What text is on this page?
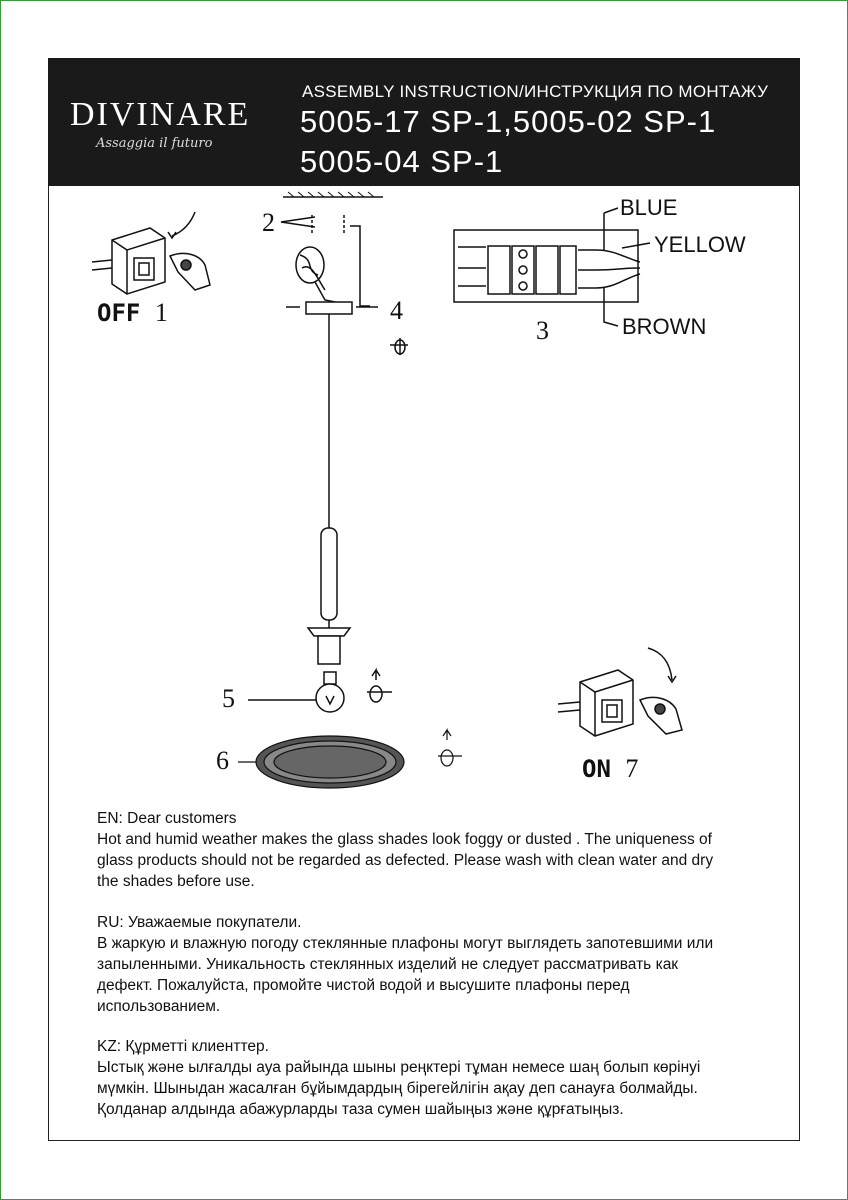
DIVINARE
Assaggia il futuro
ASSEMBLY INSTRUCTION/ИНСТРУКЦИЯ ПО МОНТАЖУ
5005-17 SP-1,5005-02 SP-1
5005-04 SP-1
OFF 1
2
3
4
5
6	ON 7
BLUE
YELLOW
BROWN

EN: Dear customers

Hot and humid weather makes the glass shades look foggy or dusted . The uniqueness of glass products should not be regarded as defected. Please wash with clean water and dry the shades before use.

RU: Уважаемые покупатели.

В жаркую и влажную погоду стеклянные плафоны могут выглядеть запотевшими или запыленными. Уникальность стеклянных изделий не следует рассматривать как дефект. Пожалуйста, промойте чистой водой и высушите плафоны перед использованием.

KZ: Құрметті клиенттер.

Ыстық және ылғалды ауа райында шыны реңктері тұман немесе шаң болып көрінуі мүмкін. Шыныдан жасалған бұйымдардың бірегейлігін ақау деп санауға болмайды. Қолданар алдында абажурларды таза сумен шайыңыз және құрғатыңыз.
